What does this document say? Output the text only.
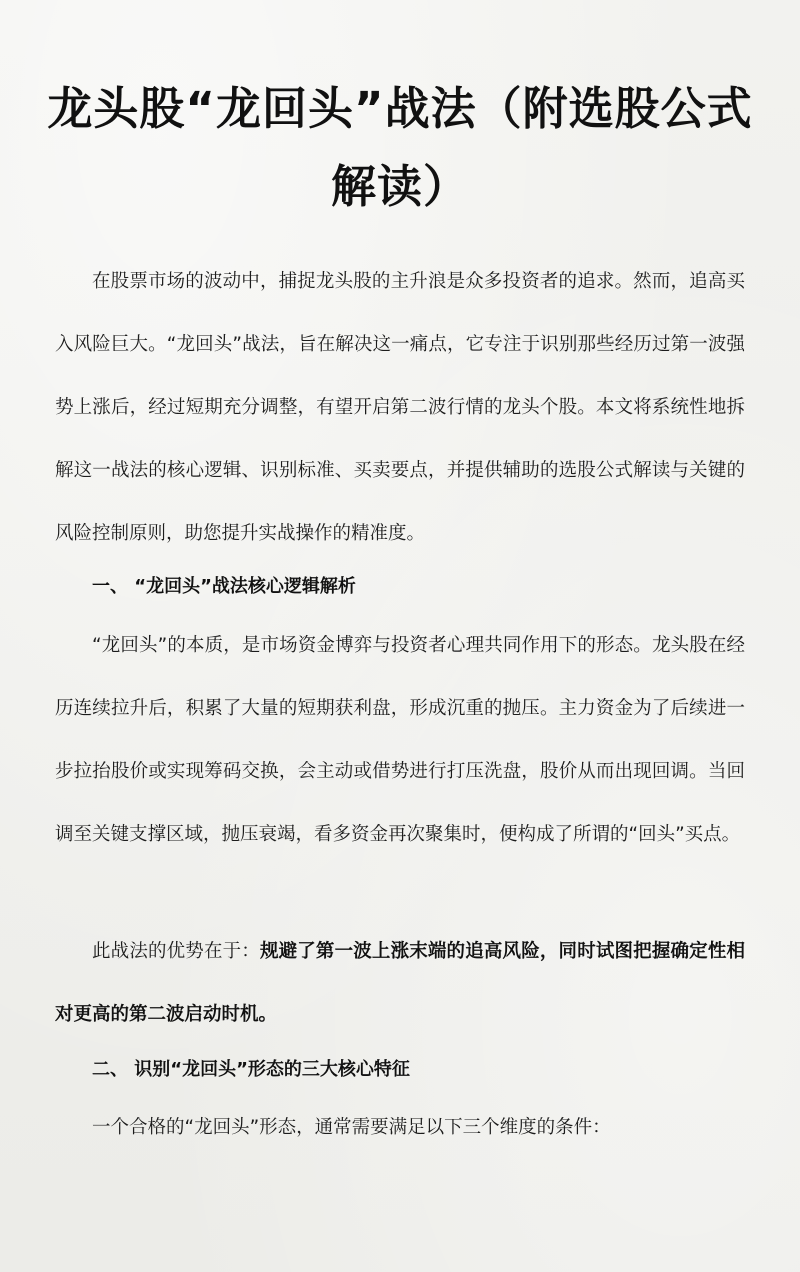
龙头股“龙回头”战法（附选股公式解读）

在股票市场的波动中，捕捉龙头股的主升浪是众多投资者的追求。然而，追高买入风险巨大。“龙回头”战法，旨在解决这一痛点，它专注于识别那些经历过第一波强势上涨后，经过短期充分调整，有望开启第二波行情的龙头个股。本文将系统性地拆解这一战法的核心逻辑、识别标准、买卖要点，并提供辅助的选股公式解读与关键的风险控制原则，助您提升实战操作的精准度。

一、 “龙回头”战法核心逻辑解析

“龙回头”的本质，是市场资金博弈与投资者心理共同作用下的形态。龙头股在经历连续拉升后，积累了大量的短期获利盘，形成沉重的抛压。主力资金为了后续进一步拉抬股价或实现筹码交换，会主动或借势进行打压洗盘，股价从而出现回调。当回调至关键支撑区域，抛压衰竭，看多资金再次聚集时，便构成了所谓的“回头”买点。

此战法的优势在于：规避了第一波上涨末端的追高风险，同时试图把握确定性相对更高的第二波启动时机。

二、 识别“龙回头”形态的三大核心特征

一个合格的“龙回头”形态，通常需要满足以下三个维度的条件：
